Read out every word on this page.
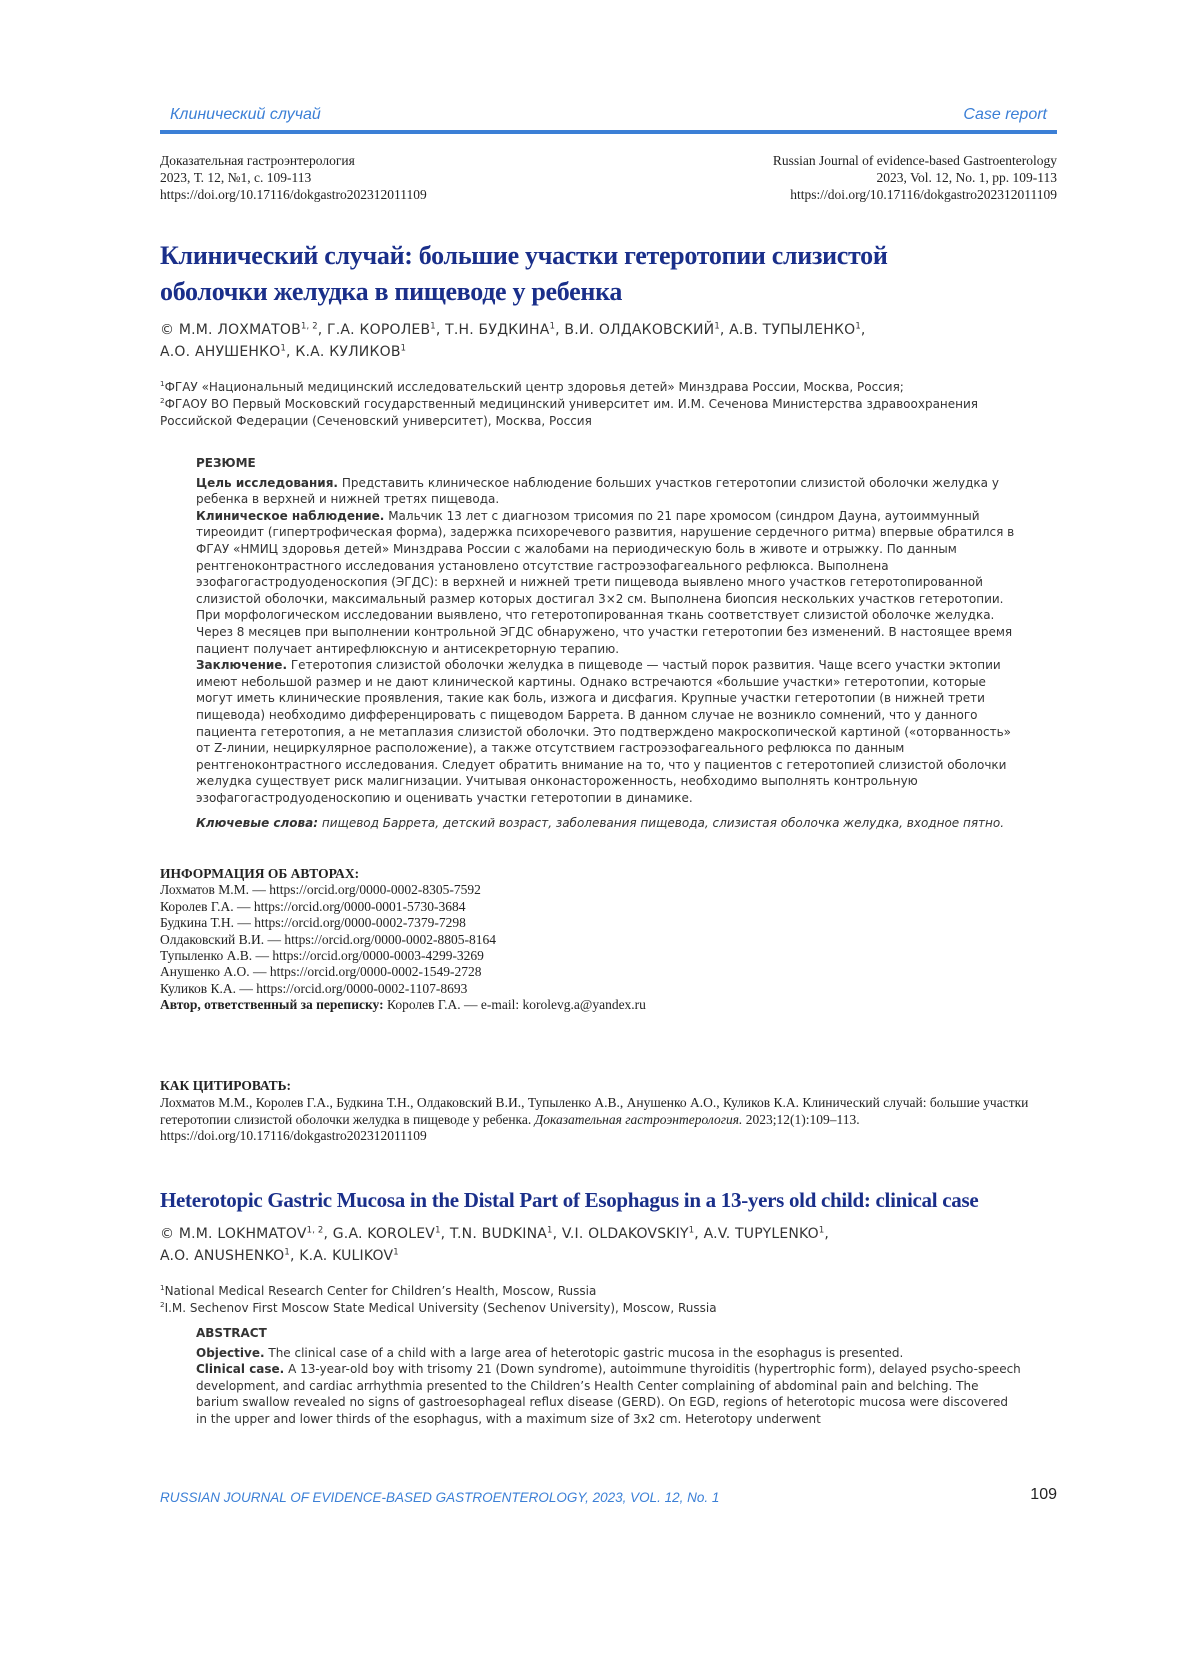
Клинический случай	Case report
Доказательная гастроэнтерология
2023, Т. 12, №1, с. 109-113
https://doi.org/10.17116/dokgastro202312011109
Russian Journal of evidence-based Gastroenterology
2023, Vol. 12, No. 1, pp. 109-113
https://doi.org/10.17116/dokgastro202312011109
Клинический случай: большие участки гетеротопии слизистой
оболочки желудка в пищеводе у ребенка
© М.М. ЛОХМАТОВ$^{1, 2}$, Г.А. КОРОЛЕВ$^1$, Т.Н. БУДКИНА$^1$, В.И. ОЛДАКОВСКИЙ$^1$, А.В. ТУПЫЛЕНКО$^1$,
А.О. АНУШЕНКО$^1$, К.А. КУЛИКОВ$^1$
$^1$ФГАУ «Национальный медицинский исследовательский центр здоровья детей» Минздрава России, Москва, Россия;
$^2$ФГАОУ ВО Первый Московский государственный медицинский университет им. И.М. Сеченова Министерства здравоохранения
Российской Федерации (Сеченовский университет), Москва, Россия
РЕЗЮМЕ

Цель исследования. Представить клиническое наблюдение больших участков гетеротопии слизистой оболочки желудка у ребенка в верхней и нижней третях пищевода.

Клиническое наблюдение. Мальчик 13 лет с диагнозом трисомия по 21 паре хромосом (синдром Дауна, аутоиммунный тиреоидит (гипертрофическая форма), задержка психоречевого развития, нарушение сердечного ритма) впервые обратился в ФГАУ «НМИЦ здоровья детей» Минздрава России с жалобами на периодическую боль в животе и отрыжку. По данным рентгеноконтрастного исследования установлено отсутствие гастроэзофагеального рефлюкса. Выполнена эзофагогастродуоденоскопия (ЭГДС): в верхней и нижней трети пищевода выявлено много участков гетеротопированной слизистой оболочки, максимальный размер которых достигал 3×2 см. Выполнена биопсия нескольких участков гетеротопии. При морфологическом исследовании выявлено, что гетеротопированная ткань соответствует слизистой оболочке желудка. Через 8 месяцев при выполнении контрольной ЭГДС обнаружено, что участки гетеротопии без изменений. В настоящее время пациент получает антирефлюксную и антисекреторную терапию.

Заключение. Гетеротопия слизистой оболочки желудка в пищеводе — частый порок развития. Чаще всего участки эктопии имеют небольшой размер и не дают клинической картины. Однако встречаются «большие участки» гетеротопии, которые могут иметь клинические проявления, такие как боль, изжога и дисфагия. Крупные участки гетеротопии (в нижней трети пищевода) необходимо дифференцировать с пищеводом Баррета. В данном случае не возникло сомнений, что у данного пациента гетеротопия, а не метаплазия слизистой оболочки. Это подтверждено макроскопической картиной («оторванность» от Z-линии, нециркулярное расположение), а также отсутствием гастроэзофагеального рефлюкса по данным рентгеноконтрастного исследования. Следует обратить внимание на то, что у пациентов с гетеротопией слизистой оболочки желудка существует риск малигнизации. Учитывая онконастороженность, необходимо выполнять контрольную эзофагогастродуоденоскопию и оценивать участки гетеротопии в динамике.

Ключевые слова: пищевод Баррета, детский возраст, заболевания пищевода, слизистая оболочка желудка, входное пятно.

ИНФОРМАЦИЯ ОБ АВТОРАХ:
Лохматов М.М. — https://orcid.org/0000-0002-8305-7592
Королев Г.А. — https://orcid.org/0000-0001-5730-3684
Будкина Т.Н. — https://orcid.org/0000-0002-7379-7298
Олдаковский В.И. — https://orcid.org/0000-0002-8805-8164
Тупыленко А.В. — https://orcid.org/0000-0003-4299-3269
Анушенко А.О. — https://orcid.org/0000-0002-1549-2728
Куликов К.А. — https://orcid.org/0000-0002-1107-8693
Автор, ответственный за переписку: Королев Г.А. — e-mail: korolevg.a@yandex.ru
КАК ЦИТИРОВАТЬ:

Лохматов М.М., Королев Г.А., Будкина Т.Н., Олдаковский В.И., Тупыленко А.В., Анушенко А.О., Куликов К.А. Клинический случай: большие участки гетеротопии слизистой оболочки желудка в пищеводе у ребенка. Доказательная гастроэнтерология. 2023;12(1):109–113. https://doi.org/10.17116/dokgastro202312011109

Heterotopic Gastric Mucosa in the Distal Part of Esophagus in a 13-yers old child: clinical case
© M.M. LOKHMATOV$^{1, 2}$, G.A. KOROLEV$^1$, T.N. BUDKINA$^1$, V.I. OLDAKOVSKIY$^1$, A.V. TUPYLENKO$^1$,
A.O. ANUSHENKO$^1$, K.A. KULIKOV$^1$
$^1$National Medical Research Center for Children’s Health, Moscow, Russia
$^2$I.M. Sechenov First Moscow State Medical University (Sechenov University), Moscow, Russia
ABSTRACT

Objective. The clinical case of a child with a large area of heterotopic gastric mucosa in the esophagus is presented.

Clinical case. A 13-year-old boy with trisomy 21 (Down syndrome), autoimmune thyroiditis (hypertrophic form), delayed psycho-speech development, and cardiac arrhythmia presented to the Children’s Health Center complaining of abdominal pain and belching. The barium swallow revealed no signs of gastroesophageal reflux disease (GERD). On EGD, regions of heterotopic mucosa were discovered in the upper and lower thirds of the esophagus, with a maximum size of 3x2 cm. Heterotopy underwent

RUSSIAN JOURNAL OF EVIDENCE-BASED GASTROENTEROLOGY, 2023, VOL. 12, No. 1	109
